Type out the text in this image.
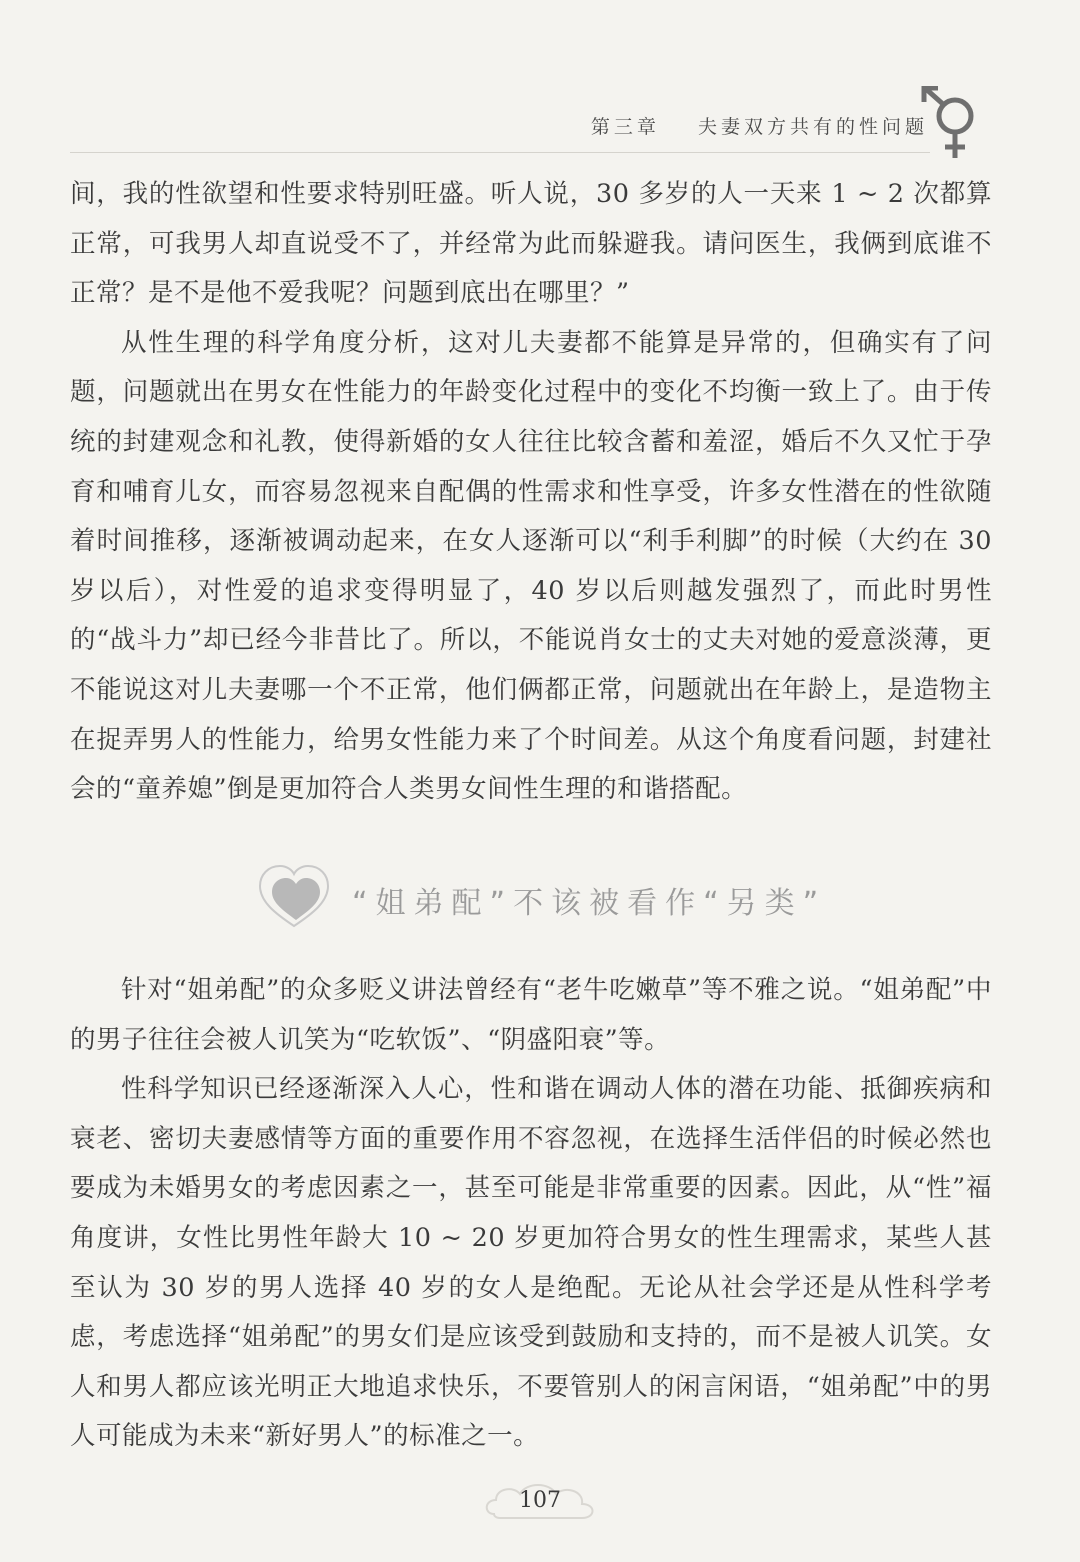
第三章 夫妻双方共有的性问题

间，我的性欲望和性要求特别旺盛。听人说，30 多岁的人一天来 1 ~ 2 次都算正常，可我男人却直说受不了，并经常为此而躲避我。请问医生，我俩到底谁不正常？是不是他不爱我呢？问题到底出在哪里？”

从性生理的科学角度分析，这对儿夫妻都不能算是异常的，但确实有了问题，问题就出在男女在性能力的年龄变化过程中的变化不均衡一致上了。由于传统的封建观念和礼教，使得新婚的女人往往比较含蓄和羞涩，婚后不久又忙于孕育和哺育儿女，而容易忽视来自配偶的性需求和性享受，许多女性潜在的性欲随着时间推移，逐渐被调动起来，在女人逐渐可以“利手利脚”的时候（大约在 30 岁以后），对性爱的追求变得明显了，40 岁以后则越发强烈了，而此时男性的“战斗力”却已经今非昔比了。所以，不能说肖女士的丈夫对她的爱意淡薄，更不能说这对儿夫妻哪一个不正常，他们俩都正常，问题就出在年龄上，是造物主在捉弄男人的性能力，给男女性能力来了个时间差。从这个角度看问题，封建社会的“童养媳”倒是更加符合人类男女间性生理的和谐搭配。

“姐弟配”不该被看作“另类”

针对“姐弟配”的众多贬义讲法曾经有“老牛吃嫩草”等不雅之说。“姐弟配”中的男子往往会被人讥笑为“吃软饭”、“阴盛阳衰”等。

性科学知识已经逐渐深入人心，性和谐在调动人体的潜在功能、抵御疾病和衰老、密切夫妻感情等方面的重要作用不容忽视，在选择生活伴侣的时候必然也要成为未婚男女的考虑因素之一，甚至可能是非常重要的因素。因此，从“性”福角度讲，女性比男性年龄大 10 ~ 20 岁更加符合男女的性生理需求，某些人甚至认为 30 岁的男人选择 40 岁的女人是绝配。无论从社会学还是从性科学考虑，考虑选择“姐弟配”的男女们是应该受到鼓励和支持的，而不是被人讥笑。女人和男人都应该光明正大地追求快乐，不要管别人的闲言闲语，“姐弟配”中的男人可能成为未来“新好男人”的标准之一。

107
